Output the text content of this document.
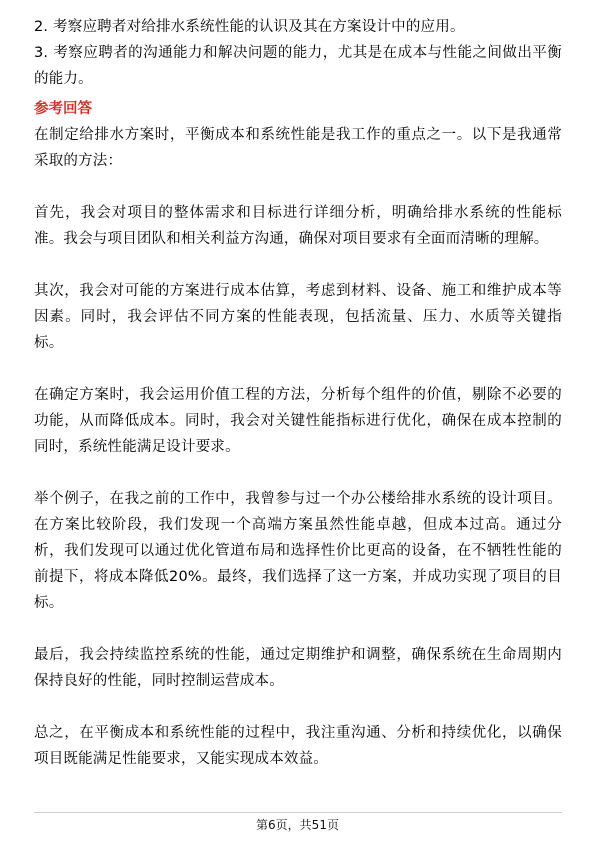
2. 考察应聘者对给排水系统性能的认识及其在方案设计中的应用。

3. 考察应聘者的沟通能力和解决问题的能力，尤其是在成本与性能之间做出平衡的能力。

参考回答

在制定给排水方案时，平衡成本和系统性能是我工作的重点之一。以下是我通常采取的方法：

首先，我会对项目的整体需求和目标进行详细分析，明确给排水系统的性能标准。我会与项目团队和相关利益方沟通，确保对项目要求有全面而清晰的理解。

其次，我会对可能的方案进行成本估算，考虑到材料、设备、施工和维护成本等因素。同时，我会评估不同方案的性能表现，包括流量、压力、水质等关键指标。

在确定方案时，我会运用价值工程的方法，分析每个组件的价值，剔除不必要的功能，从而降低成本。同时，我会对关键性能指标进行优化，确保在成本控制的同时，系统性能满足设计要求。

举个例子，在我之前的工作中，我曾参与过一个办公楼给排水系统的设计项目。在方案比较阶段，我们发现一个高端方案虽然性能卓越，但成本过高。通过分析，我们发现可以通过优化管道布局和选择性价比更高的设备，在不牺牲性能的前提下，将成本降低20%。最终，我们选择了这一方案，并成功实现了项目的目标。

最后，我会持续监控系统的性能，通过定期维护和调整，确保系统在生命周期内保持良好的性能，同时控制运营成本。

总之，在平衡成本和系统性能的过程中，我注重沟通、分析和持续优化，以确保项目既能满足性能要求，又能实现成本效益。

第6页，共51页
